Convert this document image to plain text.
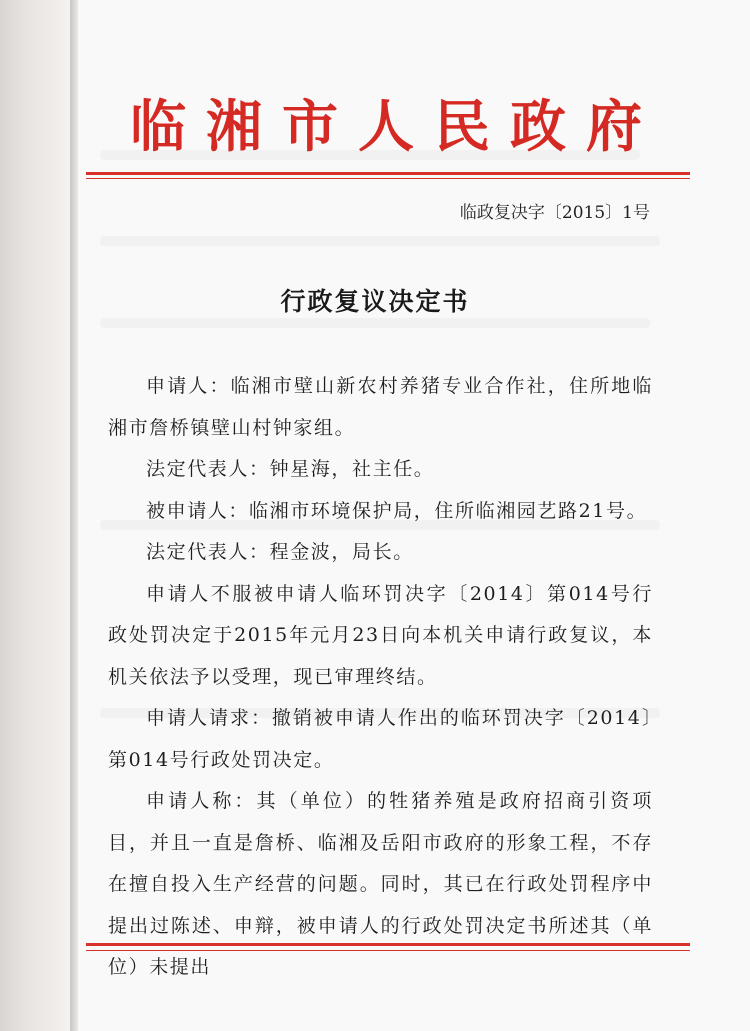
临湘市人民政府
临政复决字〔2015〕1号
行政复议决定书

申请人：临湘市壁山新农村养猪专业合作社，住所地临湘市詹桥镇壁山村钟家组。

法定代表人：钟星海，社主任。

被申请人：临湘市环境保护局，住所临湘园艺路21号。

法定代表人：程金波，局长。

申请人不服被申请人临环罚决字〔2014〕第014号行政处罚决定于2015年元月23日向本机关申请行政复议，本机关依法予以受理，现已审理终结。

申请人请求：撤销被申请人作出的临环罚决字〔2014〕第014号行政处罚决定。

申请人称：其（单位）的牲猪养殖是政府招商引资项目，并且一直是詹桥、临湘及岳阳市政府的形象工程，不存在擅自投入生产经营的问题。同时，其已在行政处罚程序中提出过陈述、申辩，被申请人的行政处罚决定书所述其（单位）未提出
